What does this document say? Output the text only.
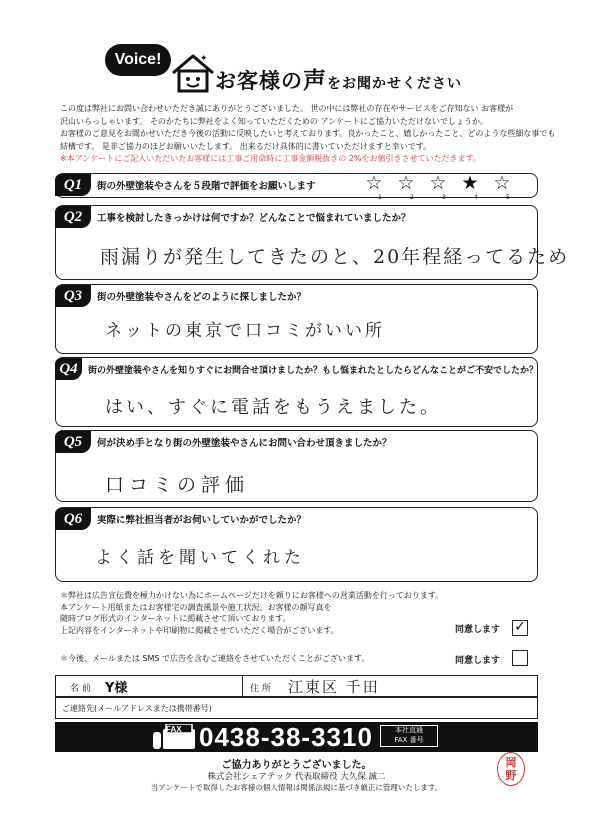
Voice!	✦
お客様の声をお聞かせください

この度は弊社にお問い合わせいただき誠にありがとうございました。 世の中には弊社の存在やサービスをご存知ない お客様が

沢山いらっしゃいます。 そのかたちに弊社をよく知っていただくための アンケートにご協力いただけないでしょうか。

お客様のご意見をお聞かせいただき今後の活動に反映したいと考えております。良かったこと、嬉しかったこと、どのような些細な事でも

結構です。 是非ご協力のほどお願いいたします。 出来るだけ具体的に書いていただけますと幸いです。

※本アンケートにご記入いただいたお客様には工事ご用命時に工事金額税抜きの 2%をお値引きさせていただきます。

Q1	街の外壁塗装やさんを５段階で評価をお願いします	☆
1
☆
2
☆
3
★
4
☆
5
Q2	工事を検討したきっかけは何ですか？どんなことで悩まれていましたか？
雨漏りが発生してきたのと、20年程経ってるため
Q3	街の外壁塗装やさんをどのように探しましたか？
ネットの東京で口コミがいい所
Q4	街の外壁塗装やさんを知りすぐにお問合せ頂けましたか？もし悩まれたとしたらどんなことがご不安でしたか？
はい、すぐに電話をもうえました。
Q5	何が決め手となり街の外壁塗装やさんにお問い合わせ頂きましたか？
口コミの評価
Q6	実際に弊社担当者がお伺いしていかがでしたか？
よく話を聞いてくれた

＊弊社は広告宣伝費を極力かけない為にホームページだけを頼りにお客様への営業活動を行っております。

本アンケート用紙またはお客様宅の調査風景や施工状況、お客様の顔写真を

随時ブログ形式のインターネットに掲載させて頂いております。

上記内容をインターネットや印刷物に掲載させていただく場合がございます。	同意します ✓
＊今後、メールまたは SMS で広告を含むご連絡をさせていただくことがございます。	同意します
名 前 Y様	住 所 江東区 千田
ご連絡先(メールアドレスまたは携帯番号)
FAX 0438-38-3310	本社直通
FAX 番号
ご協力ありがとうございました。
株式会社シェアテック 代表取締役 大久保 誠二
当アンケートで取得したお客様の個人情報は関係法規に基づき厳正に管理いたします。
岡
野
